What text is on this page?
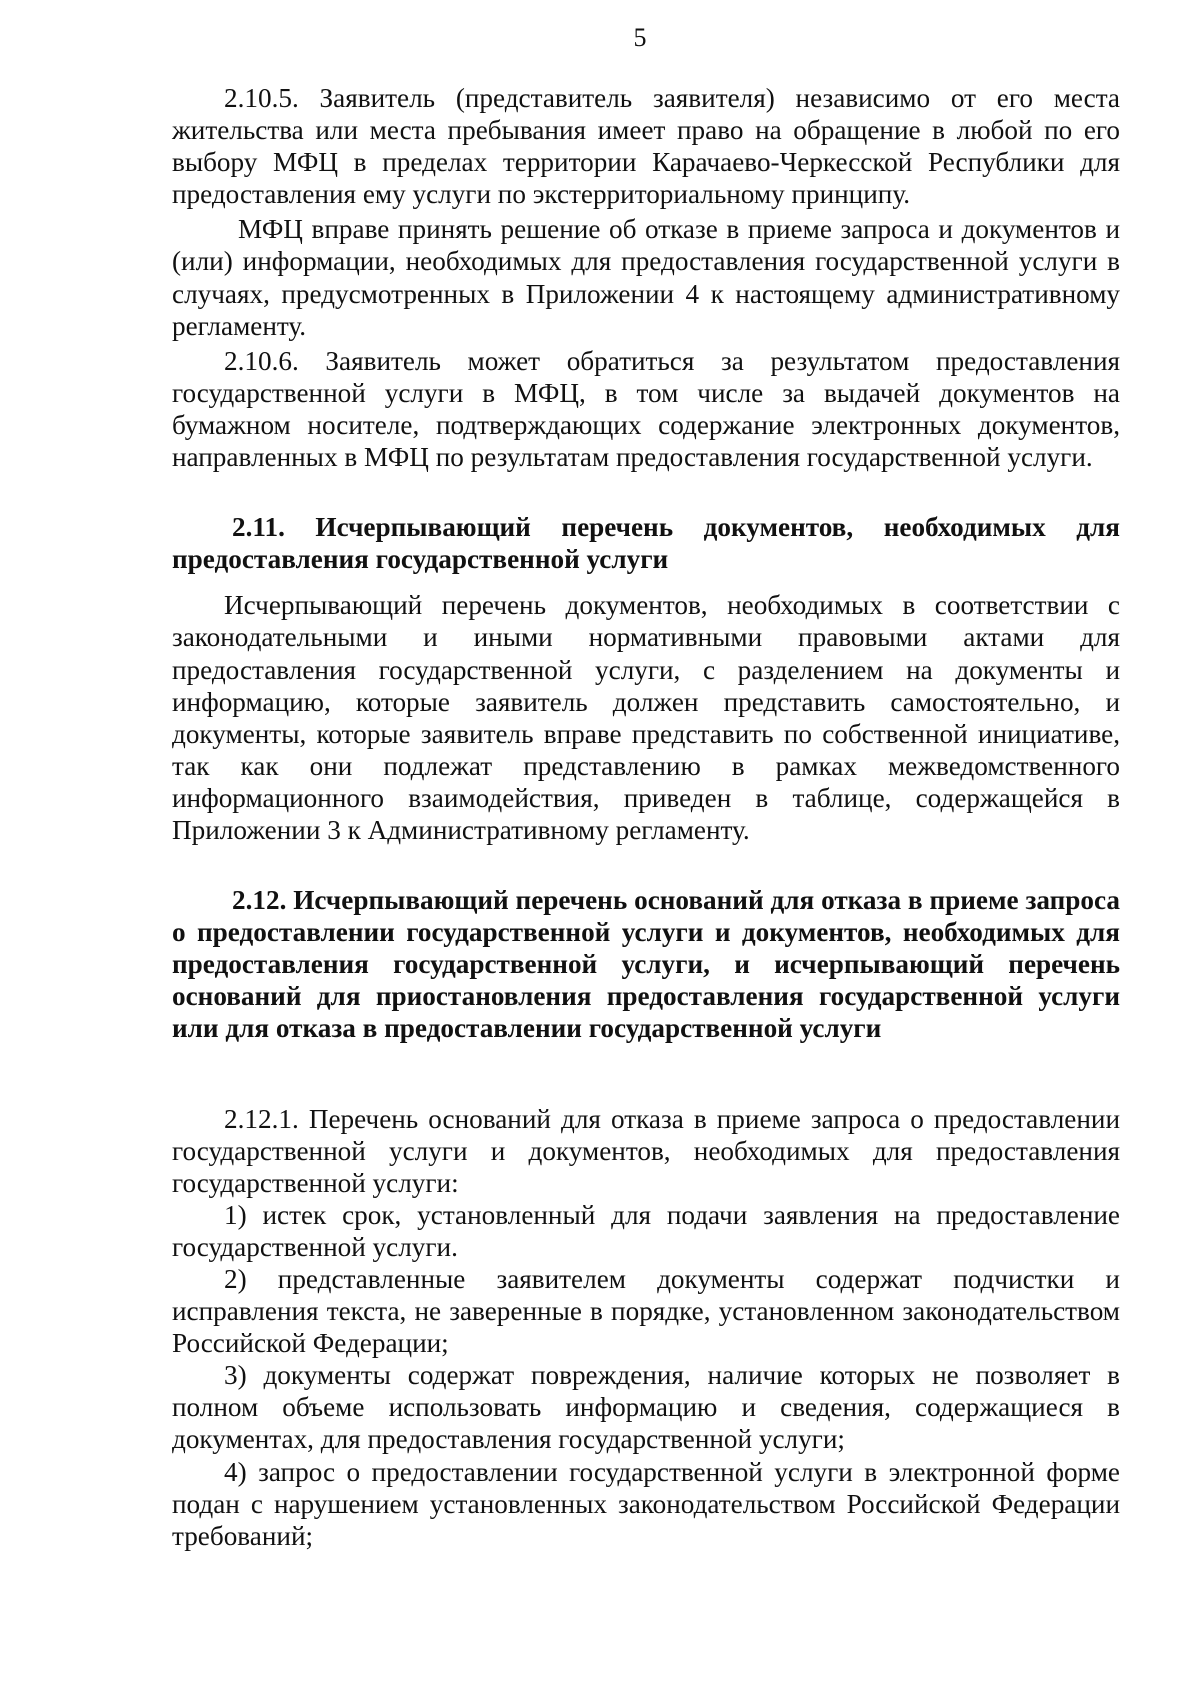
5

2.10.5. Заявитель (представитель заявителя) независимо от его места жительства или места пребывания имеет право на обращение в любой по его выбору МФЦ в пределах территории Карачаево-Черкесской Республики для предоставления ему услуги по экстерриториальному принципу.

МФЦ вправе принять решение об отказе в приеме запроса и документов и (или) информации, необходимых для предоставления государственной услуги в случаях, предусмотренных в Приложении 4 к настоящему административному регламенту.

2.10.6. Заявитель может обратиться за результатом предоставления государственной услуги в МФЦ, в том числе за выдачей документов на бумажном носителе, подтверждающих содержание электронных документов, направленных в МФЦ по результатам предоставления государственной услуги.

2.11. Исчерпывающий перечень документов, необходимых для предоставления государственной услуги

Исчерпывающий перечень документов, необходимых в соответствии с законодательными и иными нормативными правовыми актами для предоставления государственной услуги, с разделением на документы и информацию, которые заявитель должен представить самостоятельно, и документы, которые заявитель вправе представить по собственной инициативе, так как они подлежат представлению в рамках межведомственного информационного взаимодействия, приведен в таблице, содержащейся в Приложении 3 к Административному регламенту.

2.12. Исчерпывающий перечень оснований для отказа в приеме запроса о предоставлении государственной услуги и документов, необходимых для предоставления государственной услуги, и исчерпывающий перечень оснований для приостановления предоставления государственной услуги или для отказа в предоставлении государственной услуги

2.12.1. Перечень оснований для отказа в приеме запроса о предоставлении государственной услуги и документов, необходимых для предоставления государственной услуги:

1) истек срок, установленный для подачи заявления на предоставление государственной услуги.

2) представленные заявителем документы содержат подчистки и исправления текста, не заверенные в порядке, установленном законодательством Российской Федерации;

3) документы содержат повреждения, наличие которых не позволяет в полном объеме использовать информацию и сведения, содержащиеся в документах, для предоставления государственной услуги;

4) запрос о предоставлении государственной услуги в электронной форме подан с нарушением установленных законодательством Российской Федерации требований;
